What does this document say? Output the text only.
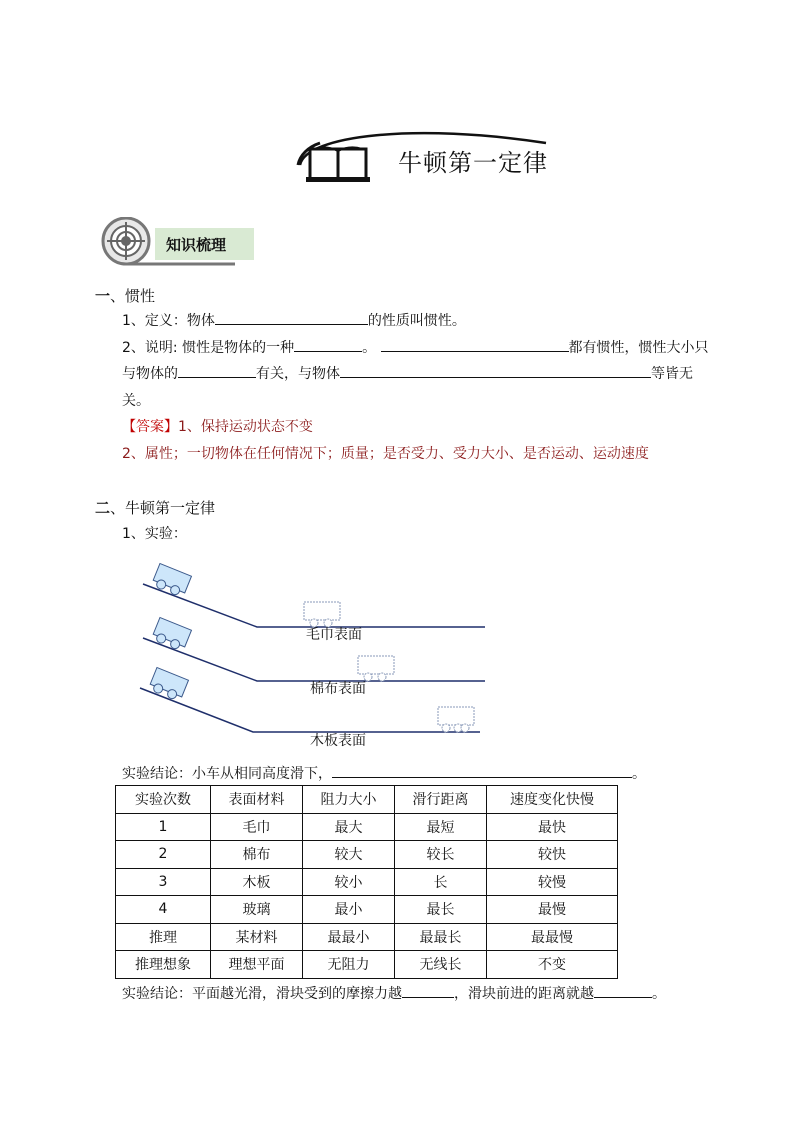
牛顿第一定律
知识梳理
一、惯性
1、定义：物体	的性质叫惯性。
2、说明: 惯性是物体的一种	。	都有惯性，惯性大小只
与物体的	有关，与物体	等皆无
关。
【答案】1、保持运动状态不变
2、属性；一切物体在任何情况下；质量；是否受力、受力大小、是否运动、运动速度
二、牛顿第一定律
1、实验：
毛巾表面
棉布表面
木板表面
实验结论：小车从相同高度滑下，	。
实验次数	表面材料	阻力大小	滑行距离	速度变化快慢
1	毛巾	最大	最短	最快
2	棉布	较大	较长	较快
3	木板	较小	长	较慢
4	玻璃	最小	最长	最慢
推理	某材料	最最小	最最长	最最慢
推理想象	理想平面	无阻力	无线长	不变
实验结论：平面越光滑，滑块受到的摩擦力越	，滑块前进的距离就越	。
